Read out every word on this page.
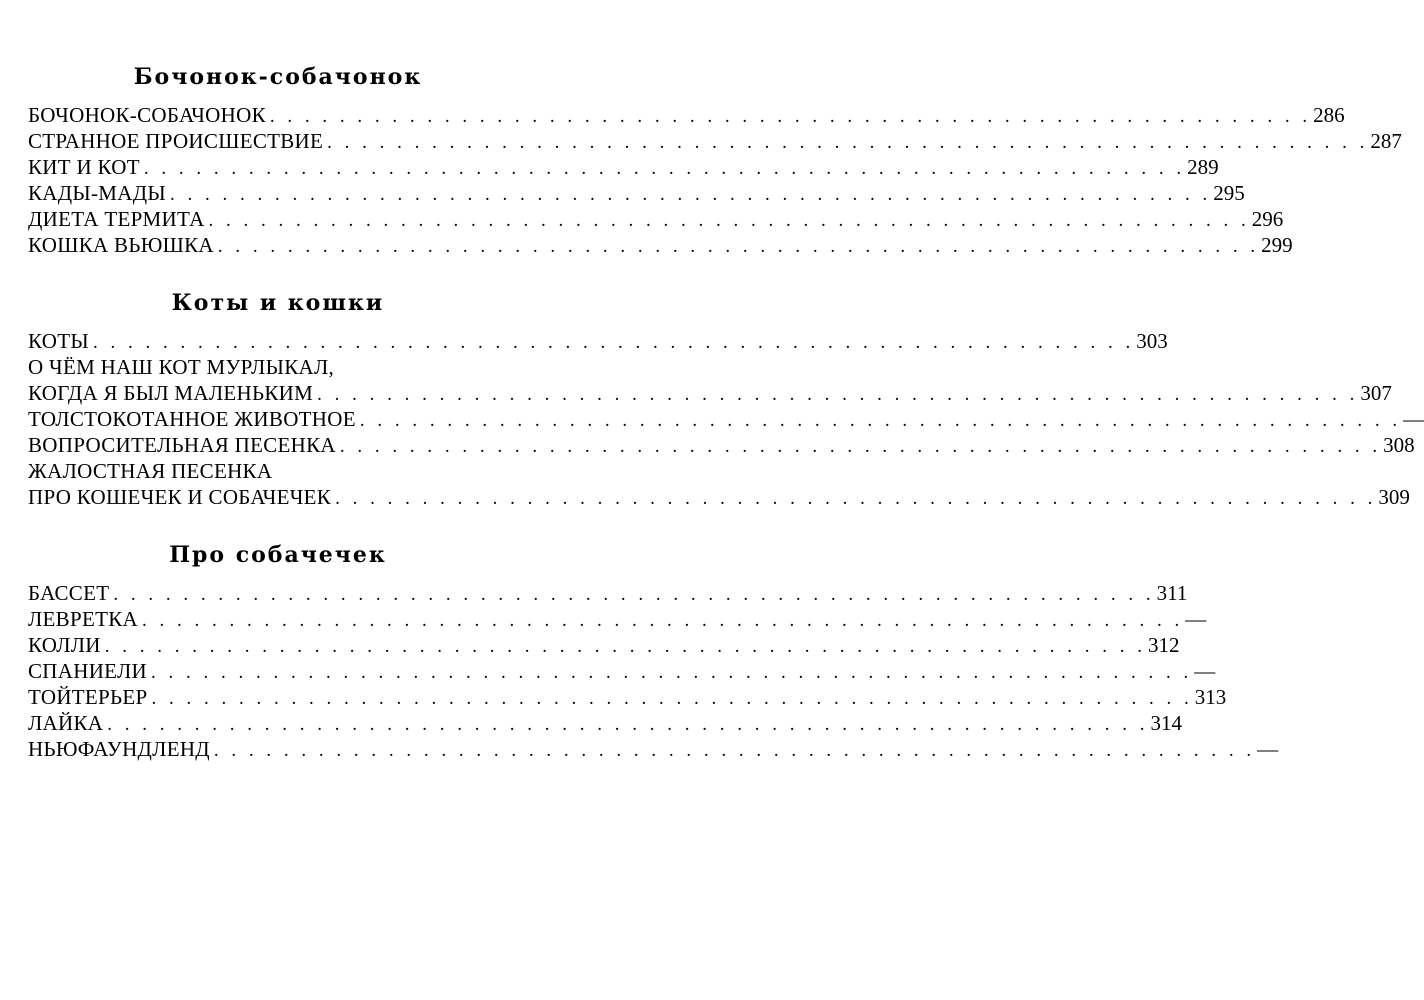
Бочонок-собачонок
БОЧОНОК-СОБАЧОНОК . . . . . . . . . . . . . . . . . . . . . . . . . . . . . . . . . . . . . . . . . . . . . . . . . . . . . . . . . . . . 286
СТРАННОЕ ПРОИСШЕСТВИЕ . . . . . . . . . . . . . . . . . . . . . . . . . . . . . . . . . . . . . . . . . . . . . . . . . . . . . . . . . . . . 287
КИТ И КОТ . . . . . . . . . . . . . . . . . . . . . . . . . . . . . . . . . . . . . . . . . . . . . . . . . . . . . . . . . . . . 289
КАДЫ-МАДЫ . . . . . . . . . . . . . . . . . . . . . . . . . . . . . . . . . . . . . . . . . . . . . . . . . . . . . . . . . . . . 295
ДИЕТА ТЕРМИТА . . . . . . . . . . . . . . . . . . . . . . . . . . . . . . . . . . . . . . . . . . . . . . . . . . . . . . . . . . . . 296
КОШКА ВЬЮШКА . . . . . . . . . . . . . . . . . . . . . . . . . . . . . . . . . . . . . . . . . . . . . . . . . . . . . . . . . . . . 299
Коты и кошки
КОТЫ . . . . . . . . . . . . . . . . . . . . . . . . . . . . . . . . . . . . . . . . . . . . . . . . . . . . . . . . . . . . 303
О ЧЁМ НАШ КОТ МУРЛЫКАЛ,
КОГДА Я БЫЛ МАЛЕНЬКИМ . . . . . . . . . . . . . . . . . . . . . . . . . . . . . . . . . . . . . . . . . . . . . . . . . . . . . . . . . . . . 307
ТОЛСТОКОТАННОЕ ЖИВОТНОЕ . . . . . . . . . . . . . . . . . . . . . . . . . . . . . . . . . . . . . . . . . . . . . . . . . . . . . . . . . . . . —
ВОПРОСИТЕЛЬНАЯ ПЕСЕНКА . . . . . . . . . . . . . . . . . . . . . . . . . . . . . . . . . . . . . . . . . . . . . . . . . . . . . . . . . . . . 308
ЖАЛОСТНАЯ ПЕСЕНКА
ПРО КОШЕЧЕК И СОБАЧЕЧЕК . . . . . . . . . . . . . . . . . . . . . . . . . . . . . . . . . . . . . . . . . . . . . . . . . . . . . . . . . . . . 309
Про собачечек
БАССЕТ . . . . . . . . . . . . . . . . . . . . . . . . . . . . . . . . . . . . . . . . . . . . . . . . . . . . . . . . . . . . 311
ЛЕВРЕТКА . . . . . . . . . . . . . . . . . . . . . . . . . . . . . . . . . . . . . . . . . . . . . . . . . . . . . . . . . . . . —
КОЛЛИ . . . . . . . . . . . . . . . . . . . . . . . . . . . . . . . . . . . . . . . . . . . . . . . . . . . . . . . . . . . . 312
СПАНИЕЛИ . . . . . . . . . . . . . . . . . . . . . . . . . . . . . . . . . . . . . . . . . . . . . . . . . . . . . . . . . . . . —
ТОЙТЕРЬЕР . . . . . . . . . . . . . . . . . . . . . . . . . . . . . . . . . . . . . . . . . . . . . . . . . . . . . . . . . . . . 313
ЛАЙКА . . . . . . . . . . . . . . . . . . . . . . . . . . . . . . . . . . . . . . . . . . . . . . . . . . . . . . . . . . . . 314
НЬЮФАУНДЛЕНД . . . . . . . . . . . . . . . . . . . . . . . . . . . . . . . . . . . . . . . . . . . . . . . . . . . . . . . . . . . . —
